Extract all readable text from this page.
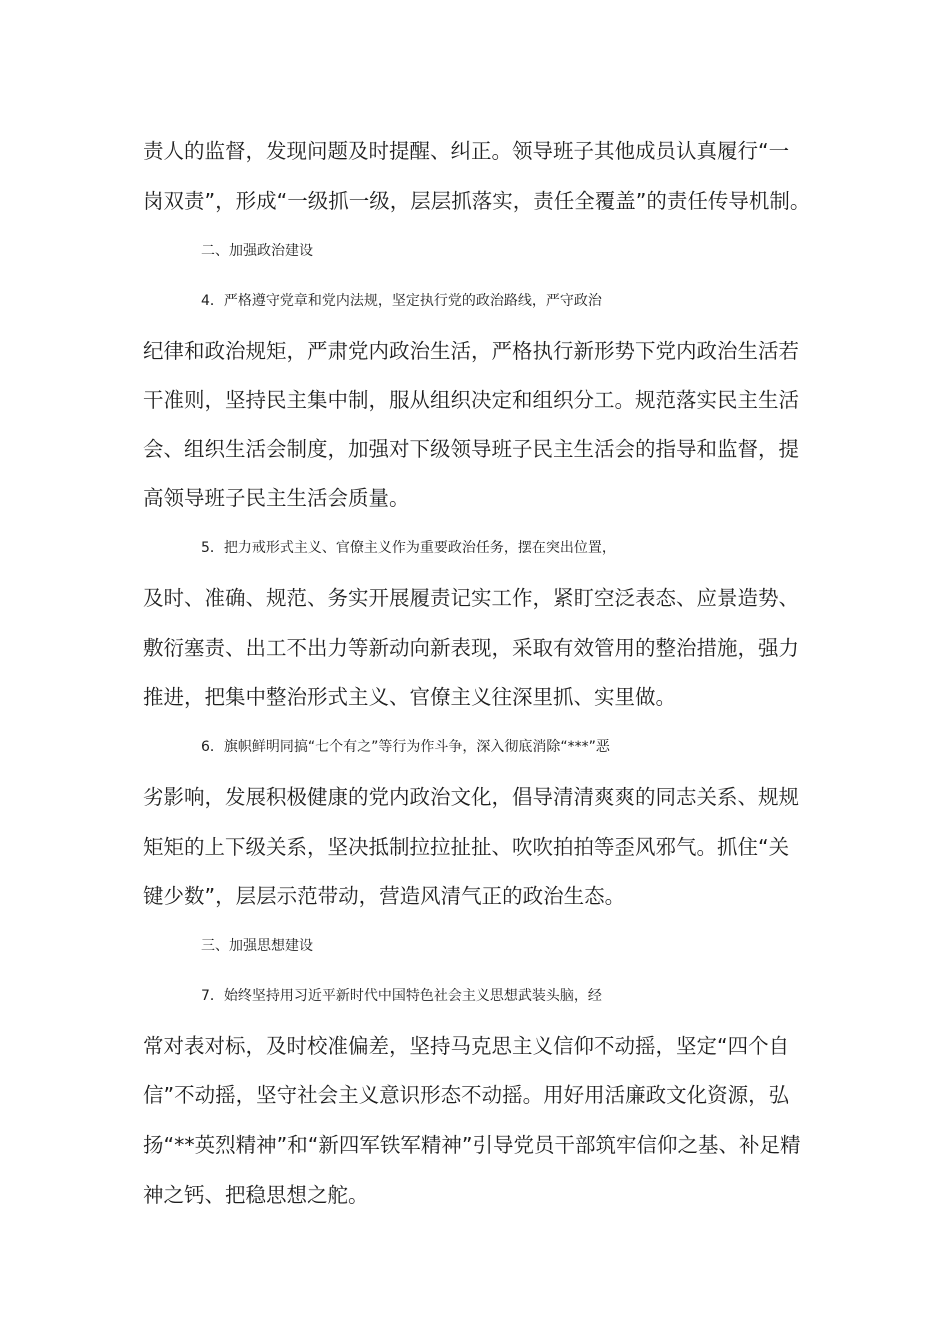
责人的监督，发现问题及时提醒、纠正。领导班子其他成员认真履行“一

岗双责”，形成“一级抓一级，层层抓落实，责任全覆盖”的责任传导机制。

二、加强政治建设

4．严格遵守党章和党内法规，坚定执行党的政治路线，严守政治

纪律和政治规矩，严肃党内政治生活，严格执行新形势下党内政治生活若

干准则，坚持民主集中制，服从组织决定和组织分工。规范落实民主生活

会、组织生活会制度，加强对下级领导班子民主生活会的指导和监督，提

高领导班子民主生活会质量。

5．把力戒形式主义、官僚主义作为重要政治任务，摆在突出位置，

及时、准确、规范、务实开展履责记实工作，紧盯空泛表态、应景造势、

敷衍塞责、出工不出力等新动向新表现，采取有效管用的整治措施，强力

推进，把集中整治形式主义、官僚主义往深里抓、实里做。

6．旗帜鲜明同搞“七个有之”等行为作斗争，深入彻底消除“***”恶

劣影响，发展积极健康的党内政治文化，倡导清清爽爽的同志关系、规规

矩矩的上下级关系，坚决抵制拉拉扯扯、吹吹拍拍等歪风邪气。抓住“关

键少数”，层层示范带动，营造风清气正的政治生态。

三、加强思想建设

7．始终坚持用习近平新时代中国特色社会主义思想武装头脑，经

常对表对标，及时校准偏差，坚持马克思主义信仰不动摇，坚定“四个自

信”不动摇，坚守社会主义意识形态不动摇。用好用活廉政文化资源，弘

扬“**英烈精神”和“新四军铁军精神”引导党员干部筑牢信仰之基、补足精

神之钙、把稳思想之舵。
